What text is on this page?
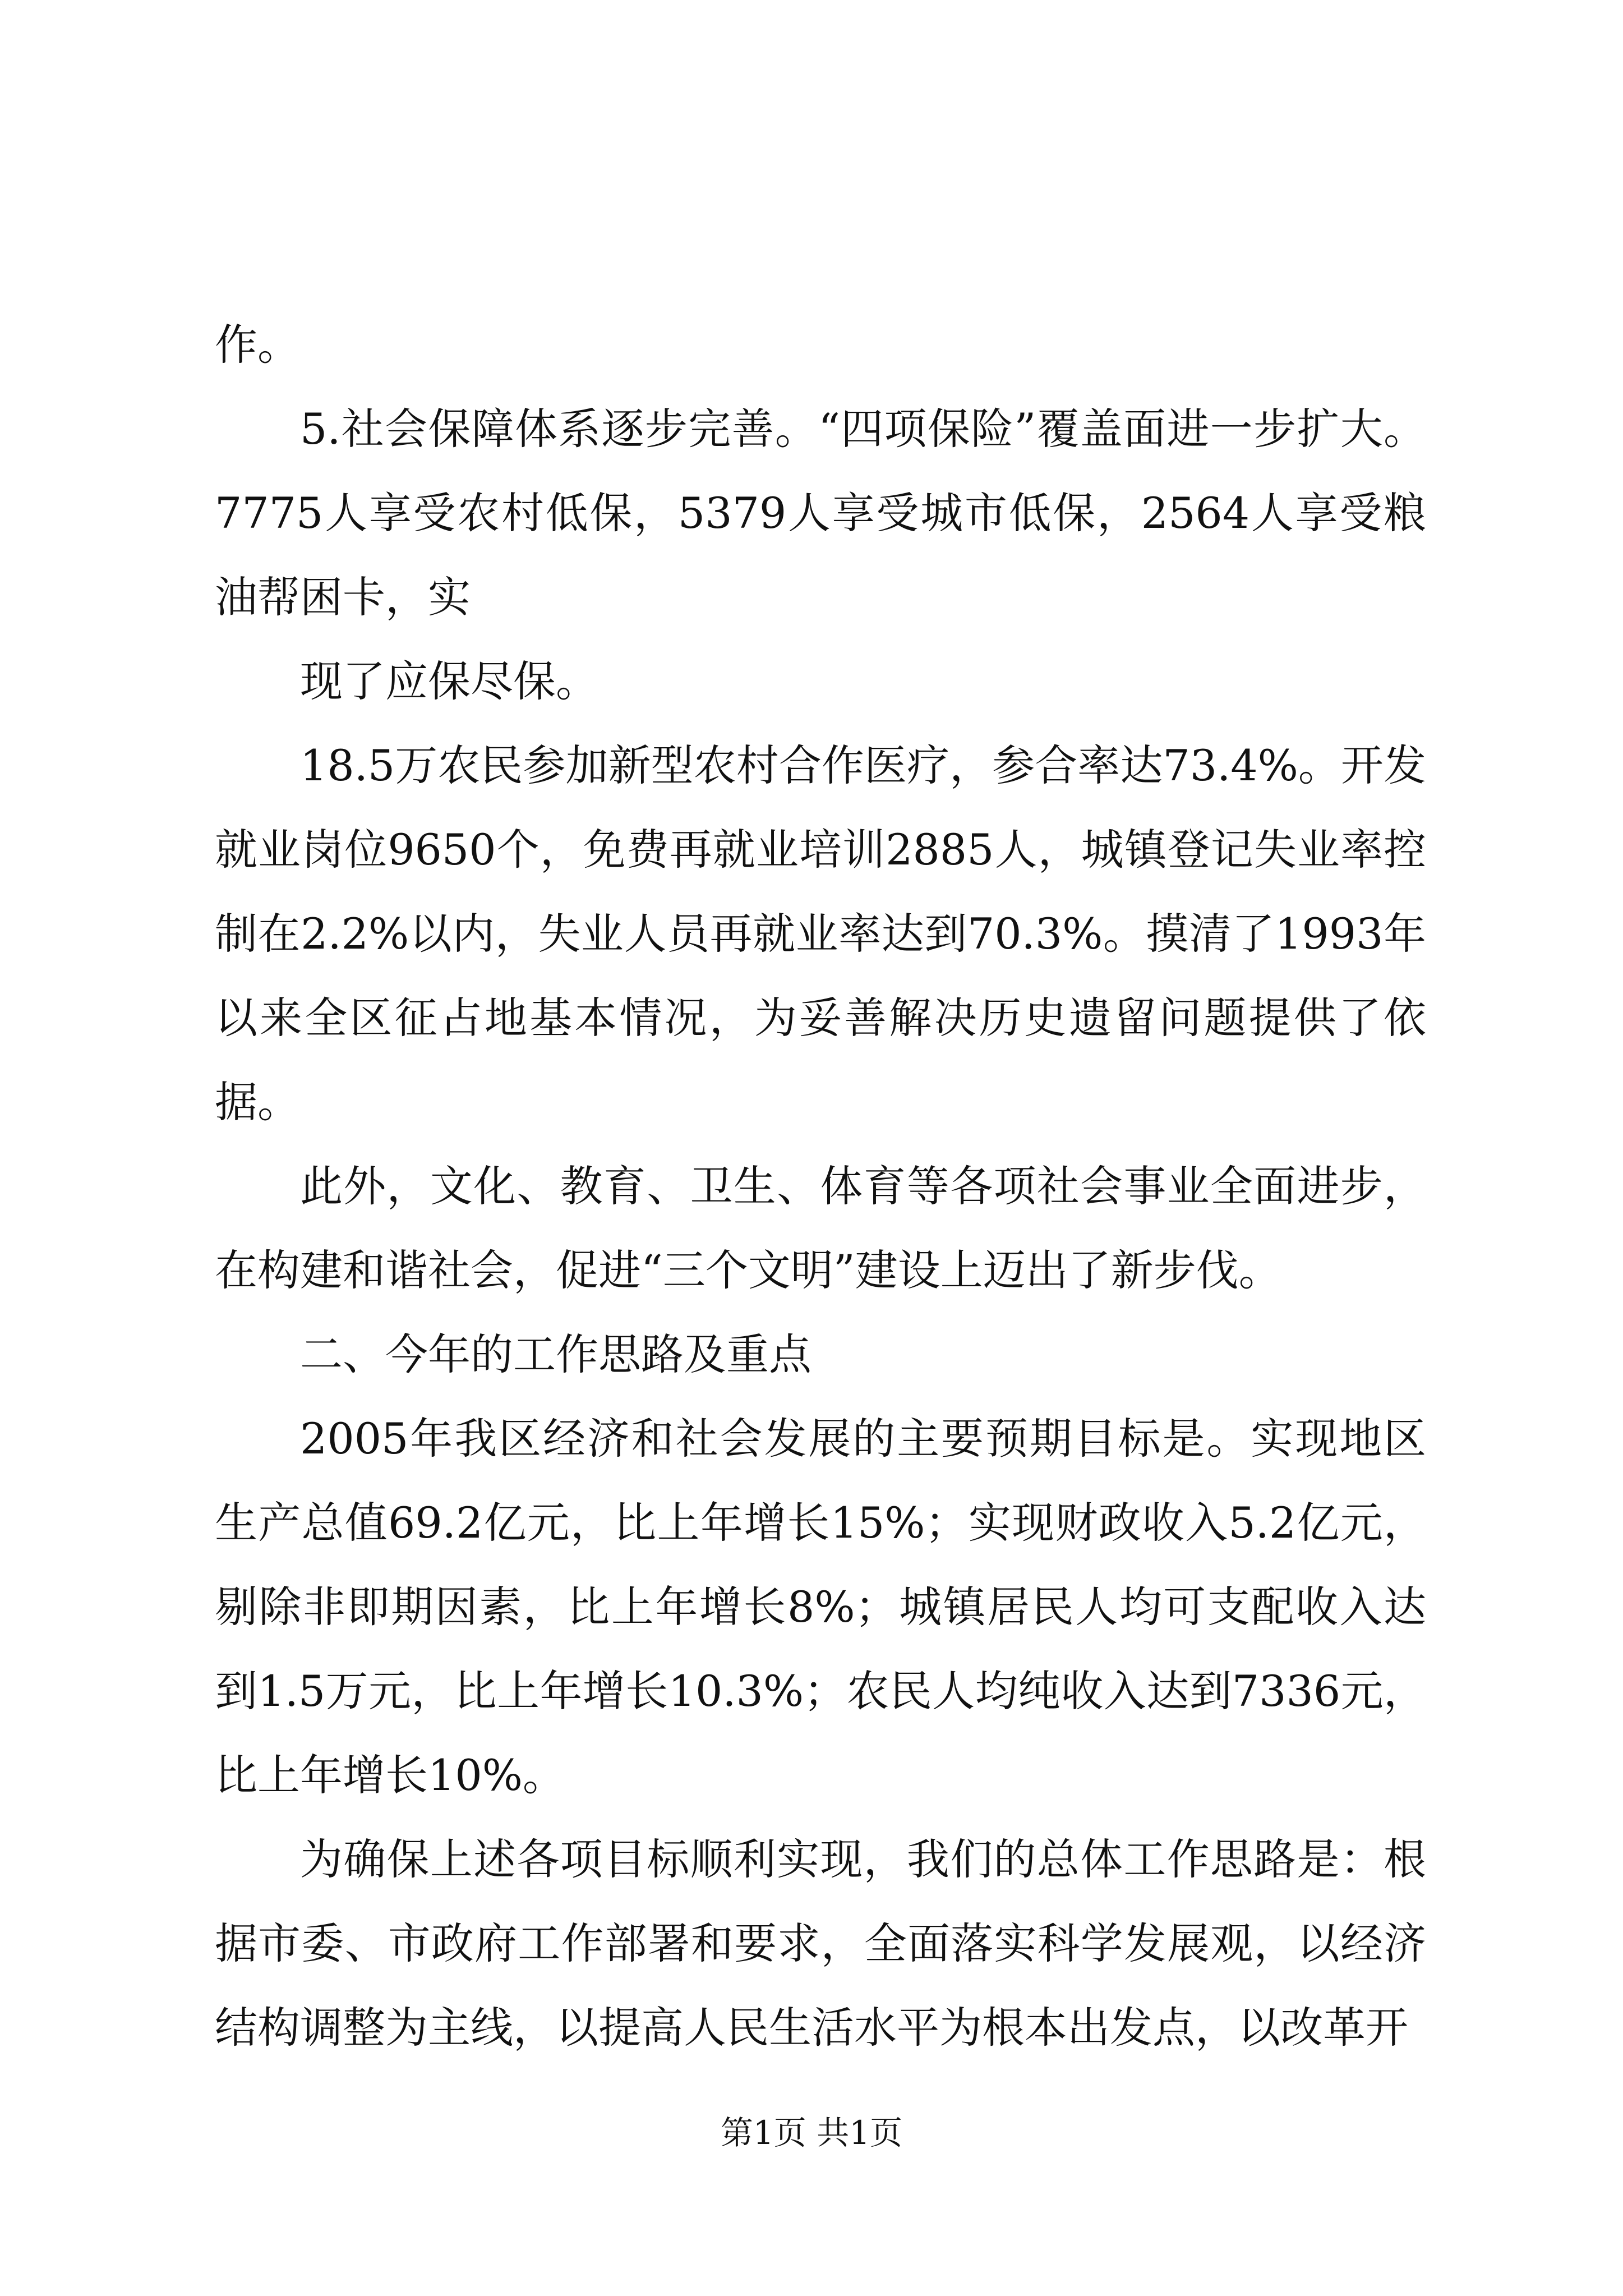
作。

5.社会保障体系逐步完善。“四项保险”覆盖面进一步扩大。7775人享受农村低保，5379人享受城市低保，2564人享受粮油帮困卡，实

现了应保尽保。

18.5万农民参加新型农村合作医疗，参合率达73.4%。开发就业岗位9650个，免费再就业培训2885人，城镇登记失业率控制在2.2%以内，失业人员再就业率达到70.3%。摸清了1993年以来全区征占地基本情况，为妥善解决历史遗留问题提供了依据。

此外，文化、教育、卫生、体育等各项社会事业全面进步，在构建和谐社会，促进“三个文明”建设上迈出了新步伐。

二、今年的工作思路及重点

2005年我区经济和社会发展的主要预期目标是。实现地区生产总值69.2亿元，比上年增长15%；实现财政收入5.2亿元，剔除非即期因素，比上年增长8%；城镇居民人均可支配收入达到1.5万元，比上年增长10.3%；农民人均纯收入达到7336元，比上年增长10%。

为确保上述各项目标顺利实现，我们的总体工作思路是：根据市委、市政府工作部署和要求，全面落实科学发展观，以经济结构调整为主线，以提高人民生活水平为根本出发点，以改革开

第1页 共1页
